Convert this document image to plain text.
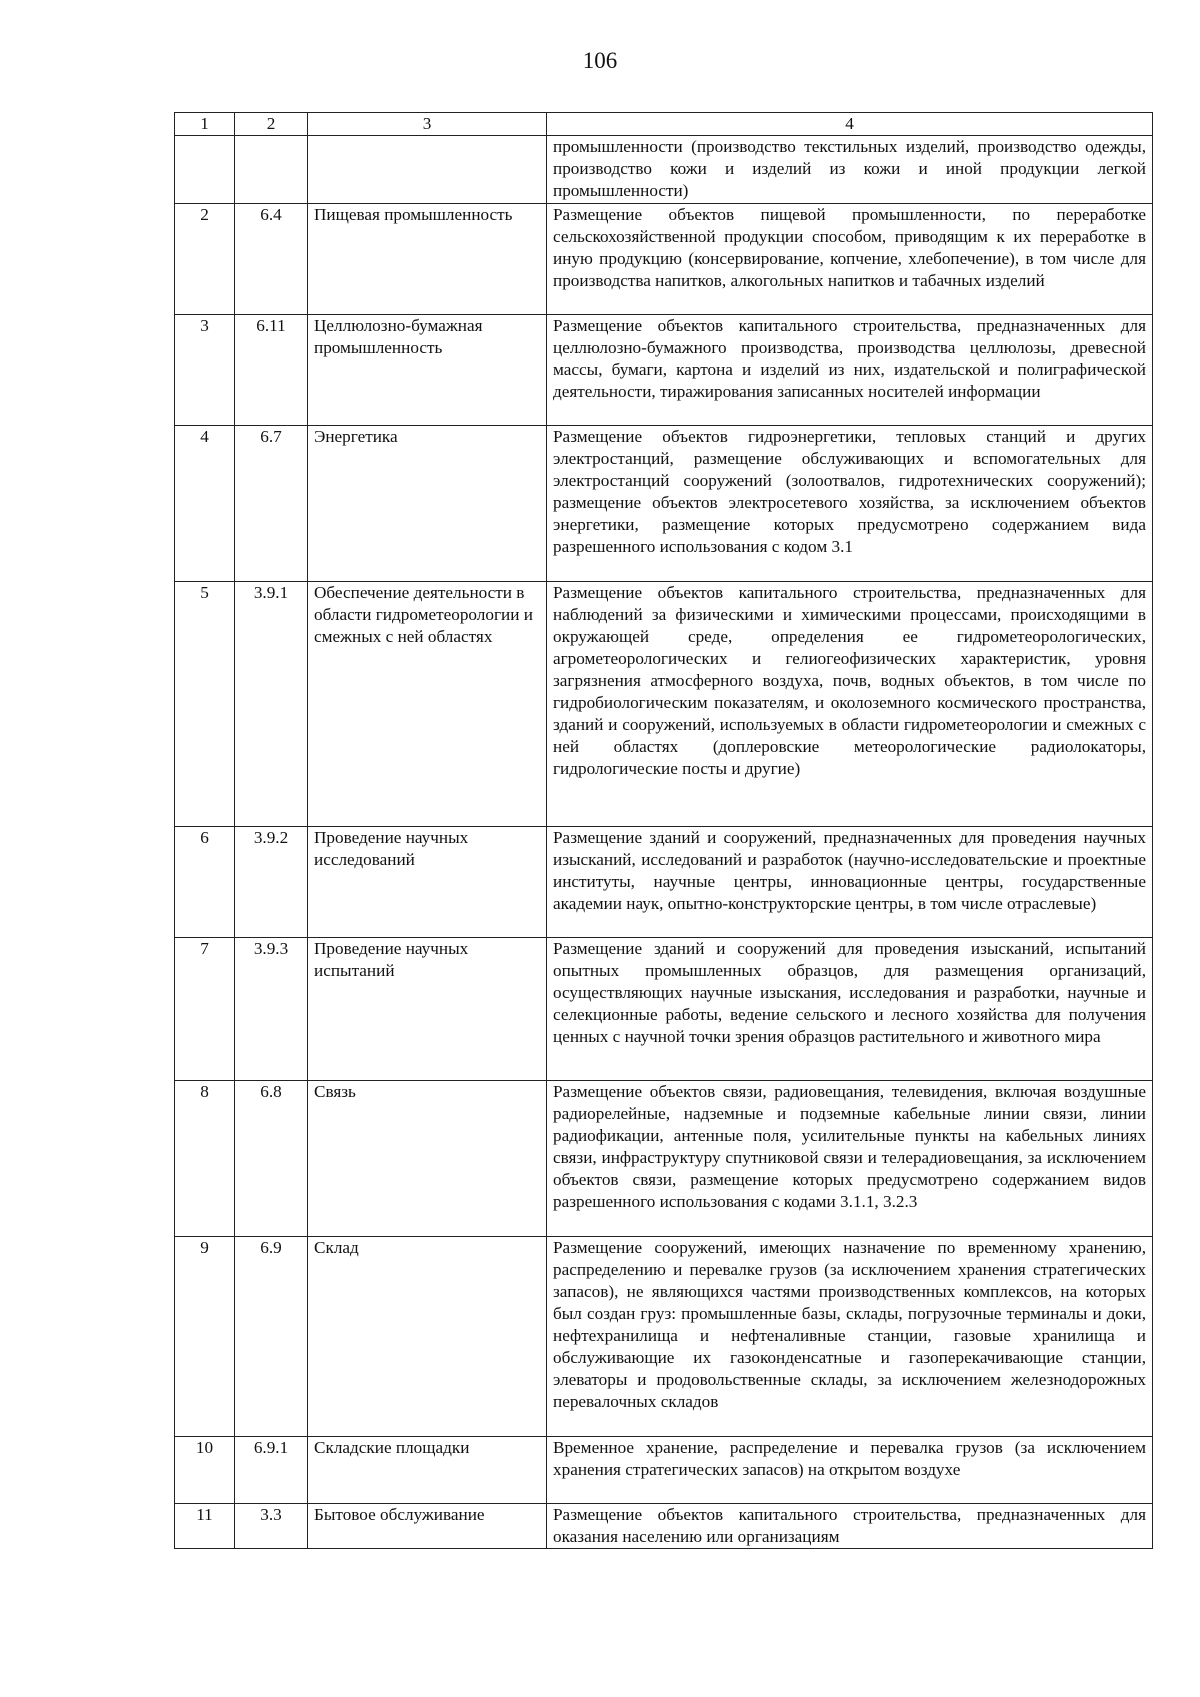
106
1	2	3	4
			промышленности (производство текстильных изделий, производство одежды, производство кожи и изделий из кожи и иной продукции легкой промышленности)
2	6.4	Пищевая промышленность	Размещение объектов пищевой промышленности, по переработке сельскохозяйственной продукции способом, приводящим к их переработке в иную продукцию (консервирование, копчение, хлебопечение), в том числе для производства напитков, алкогольных напитков и табачных изделий
3	6.11	Целлюлозно-бумажная промышленность	Размещение объектов капитального строительства, предназначенных для целлюлозно-бумажного производства, производства целлюлозы, древесной массы, бумаги, картона и изделий из них, издательской и полиграфической деятельности, тиражирования записанных носителей информации
4	6.7	Энергетика	Размещение объектов гидроэнергетики, тепловых станций и других электростанций, размещение обслуживающих и вспомогательных для электростанций сооружений (золоотвалов, гидротехнических сооружений); размещение объектов электросетевого хозяйства, за исключением объектов энергетики, размещение которых предусмотрено содержанием вида разрешенного использования с кодом 3.1
5	3.9.1	Обеспечение деятельности в области гидрометеорологии и смежных с ней областях	Размещение объектов капитального строительства, предназначенных для наблюдений за физическими и химическими процессами, происходящими в окружающей среде, определения ее гидрометеорологических, агрометеорологических и гелиогеофизических характеристик, уровня загрязнения атмосферного воздуха, почв, водных объектов, в том числе по гидробиологическим показателям, и околоземного космического пространства, зданий и сооружений, используемых в области гидрометеорологии и смежных с ней областях (доплеровские метеорологические радиолокаторы, гидрологические посты и другие)
6	3.9.2	Проведение научных исследований	Размещение зданий и сооружений, предназначенных для проведения научных изысканий, исследований и разработок (научно-исследовательские и проектные институты, научные центры, инновационные центры, государственные академии наук, опытно-конструкторские центры, в том числе отраслевые)
7	3.9.3	Проведение научных испытаний	Размещение зданий и сооружений для проведения изысканий, испытаний опытных промышленных образцов, для размещения организаций, осуществляющих научные изыскания, исследования и разработки, научные и селекционные работы, ведение сельского и лесного хозяйства для получения ценных с научной точки зрения образцов растительного и животного мира
8	6.8	Связь	Размещение объектов связи, радиовещания, телевидения, включая воздушные радиорелейные, надземные и подземные кабельные линии связи, линии радиофикации, антенные поля, усилительные пункты на кабельных линиях связи, инфраструктуру спутниковой связи и телерадиовещания, за исключением объектов связи, размещение которых предусмотрено содержанием видов разрешенного использования с кодами 3.1.1, 3.2.3
9	6.9	Склад	Размещение сооружений, имеющих назначение по временному хранению, распределению и перевалке грузов (за исключением хранения стратегических запасов), не являющихся частями производственных комплексов, на которых был создан груз: промышленные базы, склады, погрузочные терминалы и доки, нефтехранилища и нефтеналивные станции, газовые хранилища и обслуживающие их газоконденсатные и газоперекачивающие станции, элеваторы и продовольственные склады, за исключением железнодорожных перевалочных складов
10	6.9.1	Складские площадки	Временное хранение, распределение и перевалка грузов (за исключением хранения стратегических запасов) на открытом воздухе
11	3.3	Бытовое обслуживание	Размещение объектов капитального строительства, предназначенных для оказания населению или организациям
